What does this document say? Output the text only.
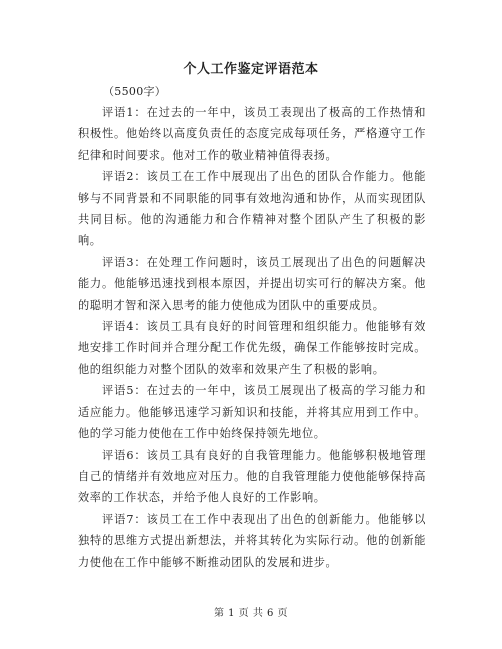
个人工作鉴定评语范本
（5500字）

评语1：在过去的一年中，该员工表现出了极高的工作热情和积极性。他始终以高度负责任的态度完成每项任务，严格遵守工作纪律和时间要求。他对工作的敬业精神值得表扬。

评语2：该员工在工作中展现出了出色的团队合作能力。他能够与不同背景和不同职能的同事有效地沟通和协作，从而实现团队共同目标。他的沟通能力和合作精神对整个团队产生了积极的影响。

评语3：在处理工作问题时，该员工展现出了出色的问题解决能力。他能够迅速找到根本原因，并提出切实可行的解决方案。他的聪明才智和深入思考的能力使他成为团队中的重要成员。

评语4：该员工具有良好的时间管理和组织能力。他能够有效地安排工作时间并合理分配工作优先级，确保工作能够按时完成。他的组织能力对整个团队的效率和效果产生了积极的影响。

评语5：在过去的一年中，该员工展现出了极高的学习能力和适应能力。他能够迅速学习新知识和技能，并将其应用到工作中。他的学习能力使他在工作中始终保持领先地位。

评语6：该员工具有良好的自我管理能力。他能够积极地管理自己的情绪并有效地应对压力。他的自我管理能力使他能够保持高效率的工作状态，并给予他人良好的工作影响。

评语7：该员工在工作中表现出了出色的创新能力。他能够以独特的思维方式提出新想法，并将其转化为实际行动。他的创新能力使他在工作中能够不断推动团队的发展和进步。

第 1 页 共 6 页
